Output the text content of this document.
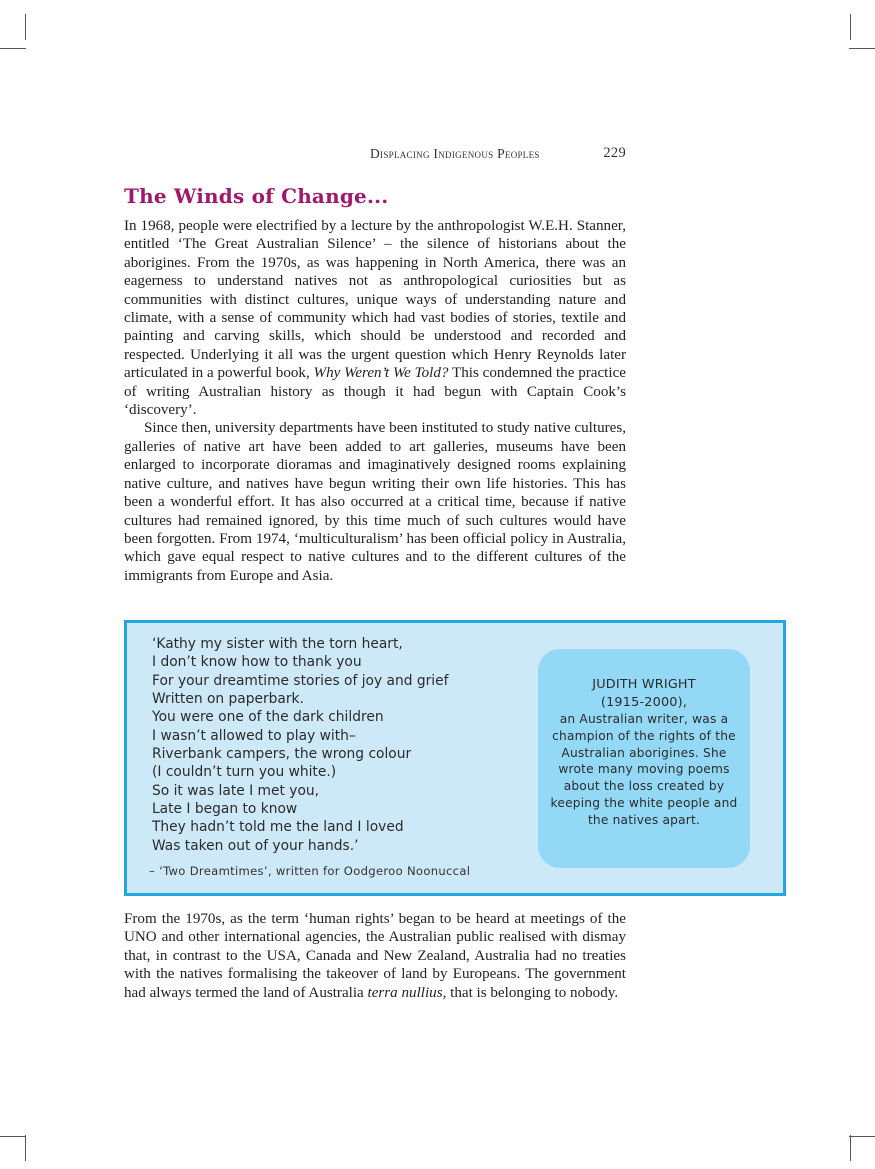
Displacing Indigenous Peoples	229
The Winds of Change...

In 1968, people were electrified by a lecture by the anthropologist W.E.H. Stanner, entitled ‘The Great Australian Silence’ – the silence of historians about the aborigines. From the 1970s, as was happening in North America, there was an eagerness to understand natives not as anthropological curiosities but as communities with distinct cultures, unique ways of understanding nature and climate, with a sense of community which had vast bodies of stories, textile and painting and carving skills, which should be understood and recorded and respected. Underlying it all was the urgent question which Henry Reynolds later articulated in a powerful book, Why Weren’t We Told? This condemned the practice of writing Australian history as though it had begun with Captain Cook’s ‘discovery’.

Since then, university departments have been instituted to study native cultures, galleries of native art have been added to art galleries, museums have been enlarged to incorporate dioramas and imaginatively designed rooms explaining native culture, and natives have begun writing their own life histories. This has been a wonderful effort. It has also occurred at a critical time, because if native cultures had remained ignored, by this time much of such cultures would have been forgotten. From 1974, ‘multiculturalism’ has been official policy in Australia, which gave equal respect to native cultures and to the different cultures of the immigrants from Europe and Asia.

‘Kathy my sister with the torn heart,
I don’t know how to thank you
For your dreamtime stories of joy and grief
Written on paperbark.
You were one of the dark children
I wasn’t allowed to play with–
Riverbank campers, the wrong colour
(I couldn’t turn you white.)
So it was late I met you,
Late I began to know
They hadn’t told me the land I loved
Was taken out of your hands.’
– ‘Two Dreamtimes’, written for Oodgeroo Noonuccal
JUDITH WRIGHT
(1915-2000),
an Australian writer, was a champion of the rights of the Australian aborigines. She wrote many moving poems about the loss created by keeping the white people and the natives apart.

From the 1970s, as the term ‘human rights’ began to be heard at meetings of the UNO and other international agencies, the Australian public realised with dismay that, in contrast to the USA, Canada and New Zealand, Australia had no treaties with the natives formalising the takeover of land by Europeans. The government had always termed the land of Australia terra nullius, that is belonging to nobody.
